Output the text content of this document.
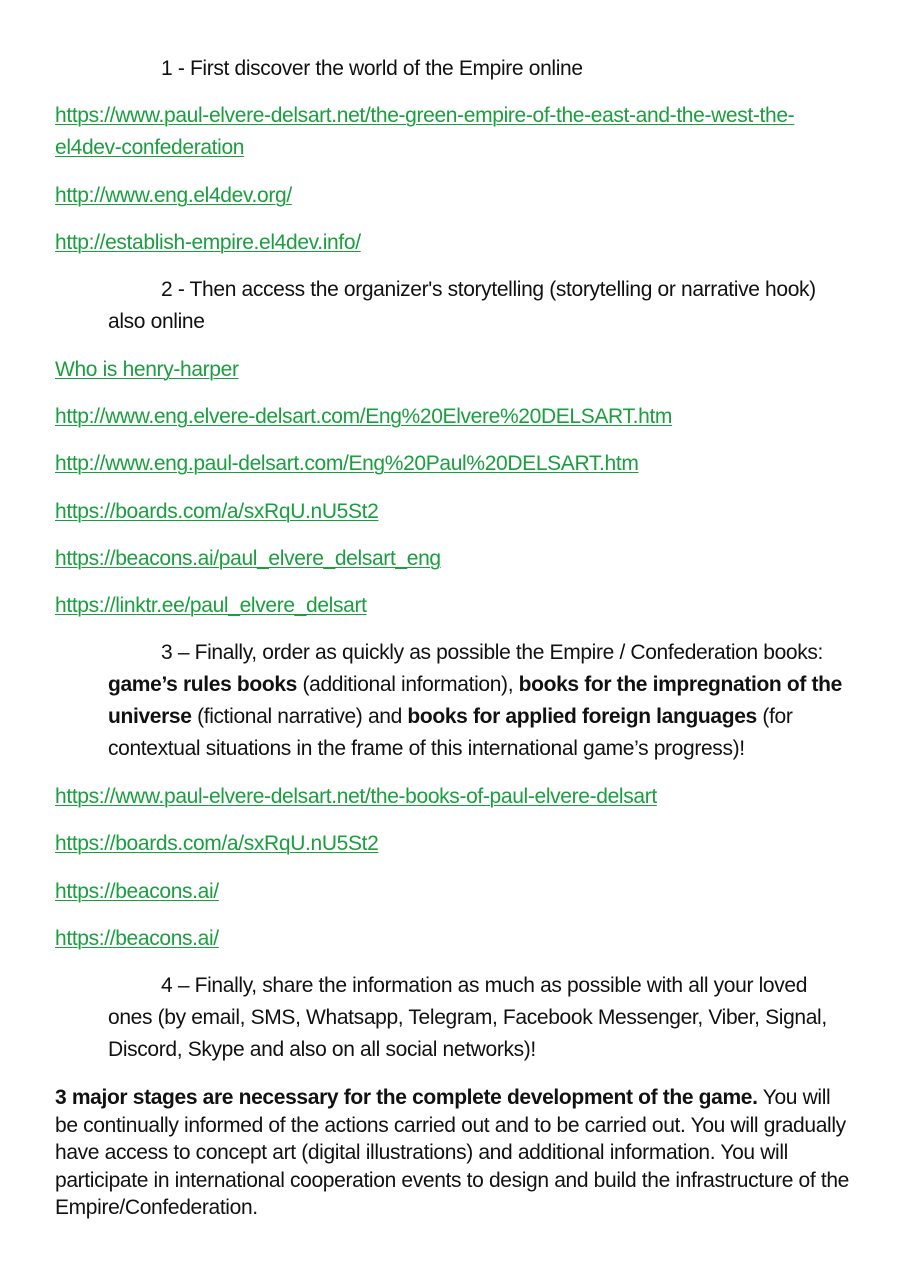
1 - First discover the world of the Empire online
https://www.paul-elvere-delsart.net/the-green-empire-of-the-east-and-the-west-the-el4dev-confederation
http://www.eng.el4dev.org/
http://establish-empire.el4dev.info/
2 - Then access the organizer's storytelling (storytelling or narrative hook)
also online
Who is henry-harper
http://www.eng.elvere-delsart.com/Eng%20Elvere%20DELSART.htm
http://www.eng.paul-delsart.com/Eng%20Paul%20DELSART.htm
https://boards.com/a/sxRqU.nU5St2
https://beacons.ai/paul_elvere_delsart_eng
https://linktr.ee/paul_elvere_delsart
3 – Finally, order as quickly as possible the Empire / Confederation books:
game’s rules books (additional information), books for the impregnation of the
universe (fictional narrative) and books for applied foreign languages (for
contextual situations in the frame of this international game’s progress)!
https://www.paul-elvere-delsart.net/the-books-of-paul-elvere-delsart
https://boards.com/a/sxRqU.nU5St2
https://beacons.ai/
https://beacons.ai/
4 – Finally, share the information as much as possible with all your loved
ones (by email, SMS, Whatsapp, Telegram, Facebook Messenger, Viber, Signal,
Discord, Skype and also on all social networks)!

3 major stages are necessary for the complete development of the game. You will be continually informed of the actions carried out and to be carried out. You will gradually have access to concept art (digital illustrations) and additional information. You will participate in international cooperation events to design and build the infrastructure of the Empire/Confederation.
